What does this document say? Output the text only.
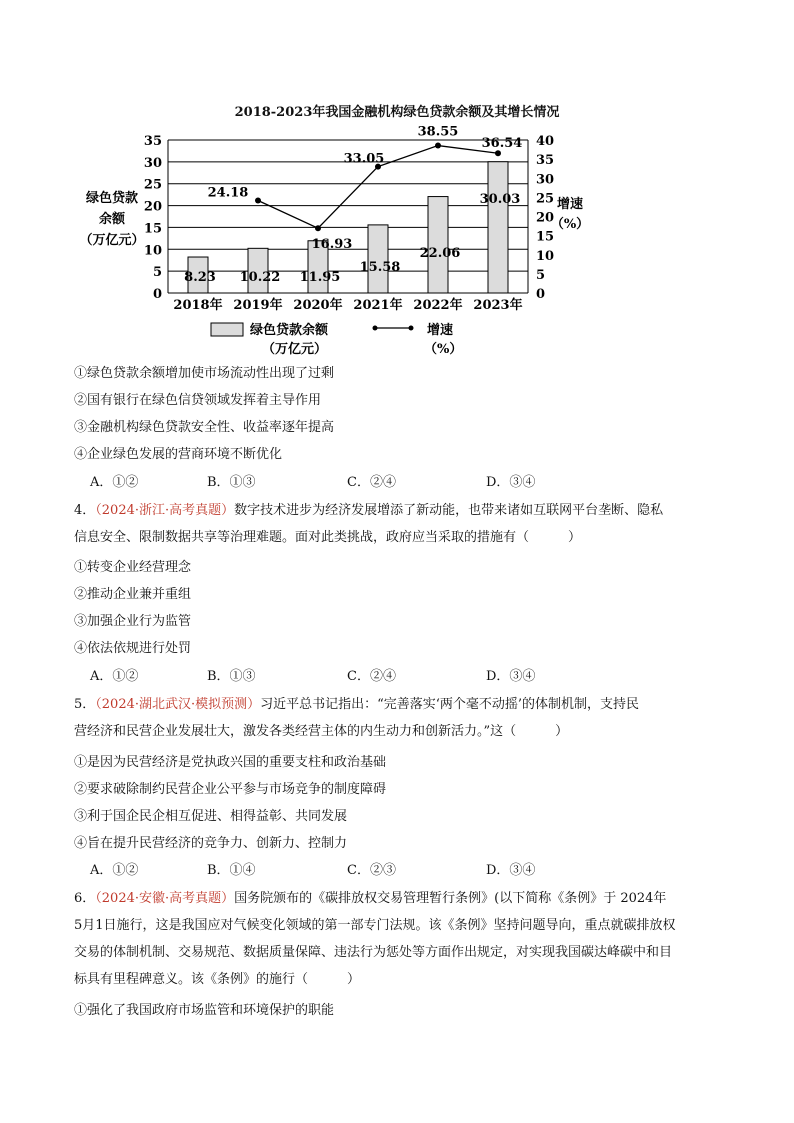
2018-2023年我国金融机构绿色贷款余额及其增长情况
8.23 10.22 11.95
15.58
22.06
30.03
24.18
16.93
33.05
38.55
36.54
35
30
25
20
15
10
5
0
40
35
30
25
20
15
10
5
0
绿色贷款
余额
（万亿元）
增速
（%）
2018年 2019年 2020年 2021年 2022年 2023年
绿色贷款余额
（万亿元）
增速
（%）
①绿色贷款余额增加使市场流动性出现了过剩
②国有银行在绿色信贷领域发挥着主导作用
③金融机构绿色贷款安全性、收益率逐年提高
④企业绿色发展的营商环境不断优化
A．①②	B．①③	C．②④	D．③④
4．（2024·浙江·高考真题）数字技术进步为经济发展增添了新动能，也带来诸如互联网平台垄断、隐私
信息安全、限制数据共享等治理难题。面对此类挑战，政府应当采取的措施有（　　　）
①转变企业经营理念
②推动企业兼并重组
③加强企业行为监管
④依法依规进行处罚
A．①②	B．①③	C．②④	D．③④
5．（2024·湖北武汉·模拟预测）习近平总书记指出：“完善落实‘两个毫不动摇’的体制机制，支持民
营经济和民营企业发展壮大，激发各类经营主体的内生动力和创新活力。”这（　　　）
①是因为民营经济是党执政兴国的重要支柱和政治基础
②要求破除制约民营企业公平参与市场竞争的制度障碍
③利于国企民企相互促进、相得益彰、共同发展
④旨在提升民营经济的竞争力、创新力、控制力
A．①②	B．①④	C．②③	D．③④
6．（2024·安徽·高考真题）国务院颁布的《碳排放权交易管理暂行条例》(以下简称《条例》于 2024年
5月1日施行，这是我国应对气候变化领域的第一部专门法规。该《条例》坚持问题导向，重点就碳排放权
交易的体制机制、交易规范、数据质量保障、违法行为惩处等方面作出规定，对实现我国碳达峰碳中和目
标具有里程碑意义。该《条例》的施行（　　　）
①强化了我国政府市场监管和环境保护的职能
